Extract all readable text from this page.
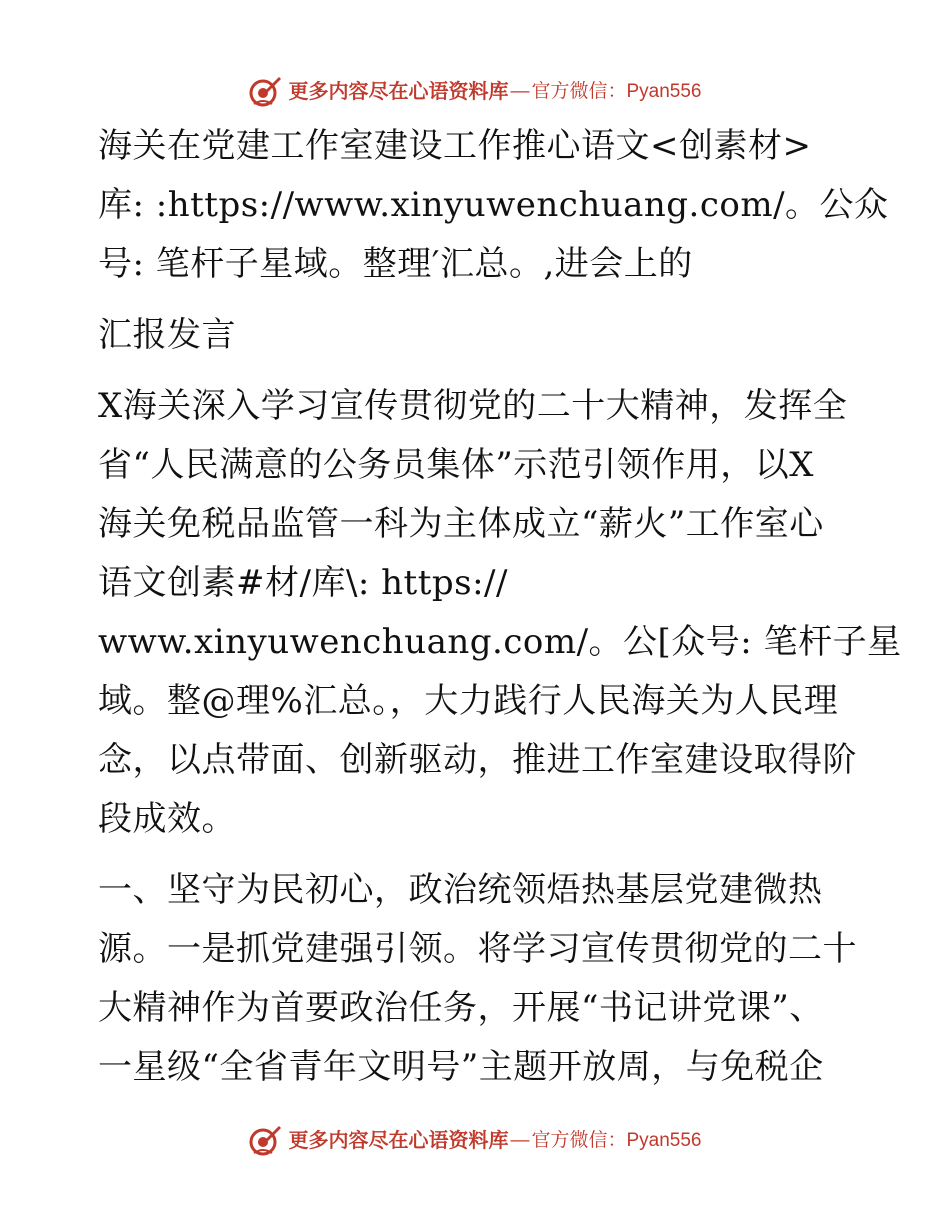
更多内容尽在心语资料库 — 官方微信：Pyan556
海关在党建工作室建设工作推心语文<创素材>
库: :https://www.xinyuwenchuang.com/。公众
号: 笔杆子星域。整理′汇总。,进会上的
汇报发言
X海关深入学习宣传贯彻党的二十大精神，发挥全
省“人民满意的公务员集体”示范引领作用，以X
海关免税品监管一科为主体成立“薪火”工作室心
语文创素#材/库\: https://
www.xinyuwenchuang.com/。公[众号: 笔杆子星
域。整@理%汇总。，大力践行人民海关为人民理
念，以点带面、创新驱动，推进工作室建设取得阶
段成效。
一、坚守为民初心，政治统领焐热基层党建微热
源。一是抓党建强引领。将学习宣传贯彻党的二十
大精神作为首要政治任务，开展“书记讲党课”、
一星级“全省青年文明号”主题开放周，与免税企
更多内容尽在心语资料库 — 官方微信：Pyan556
